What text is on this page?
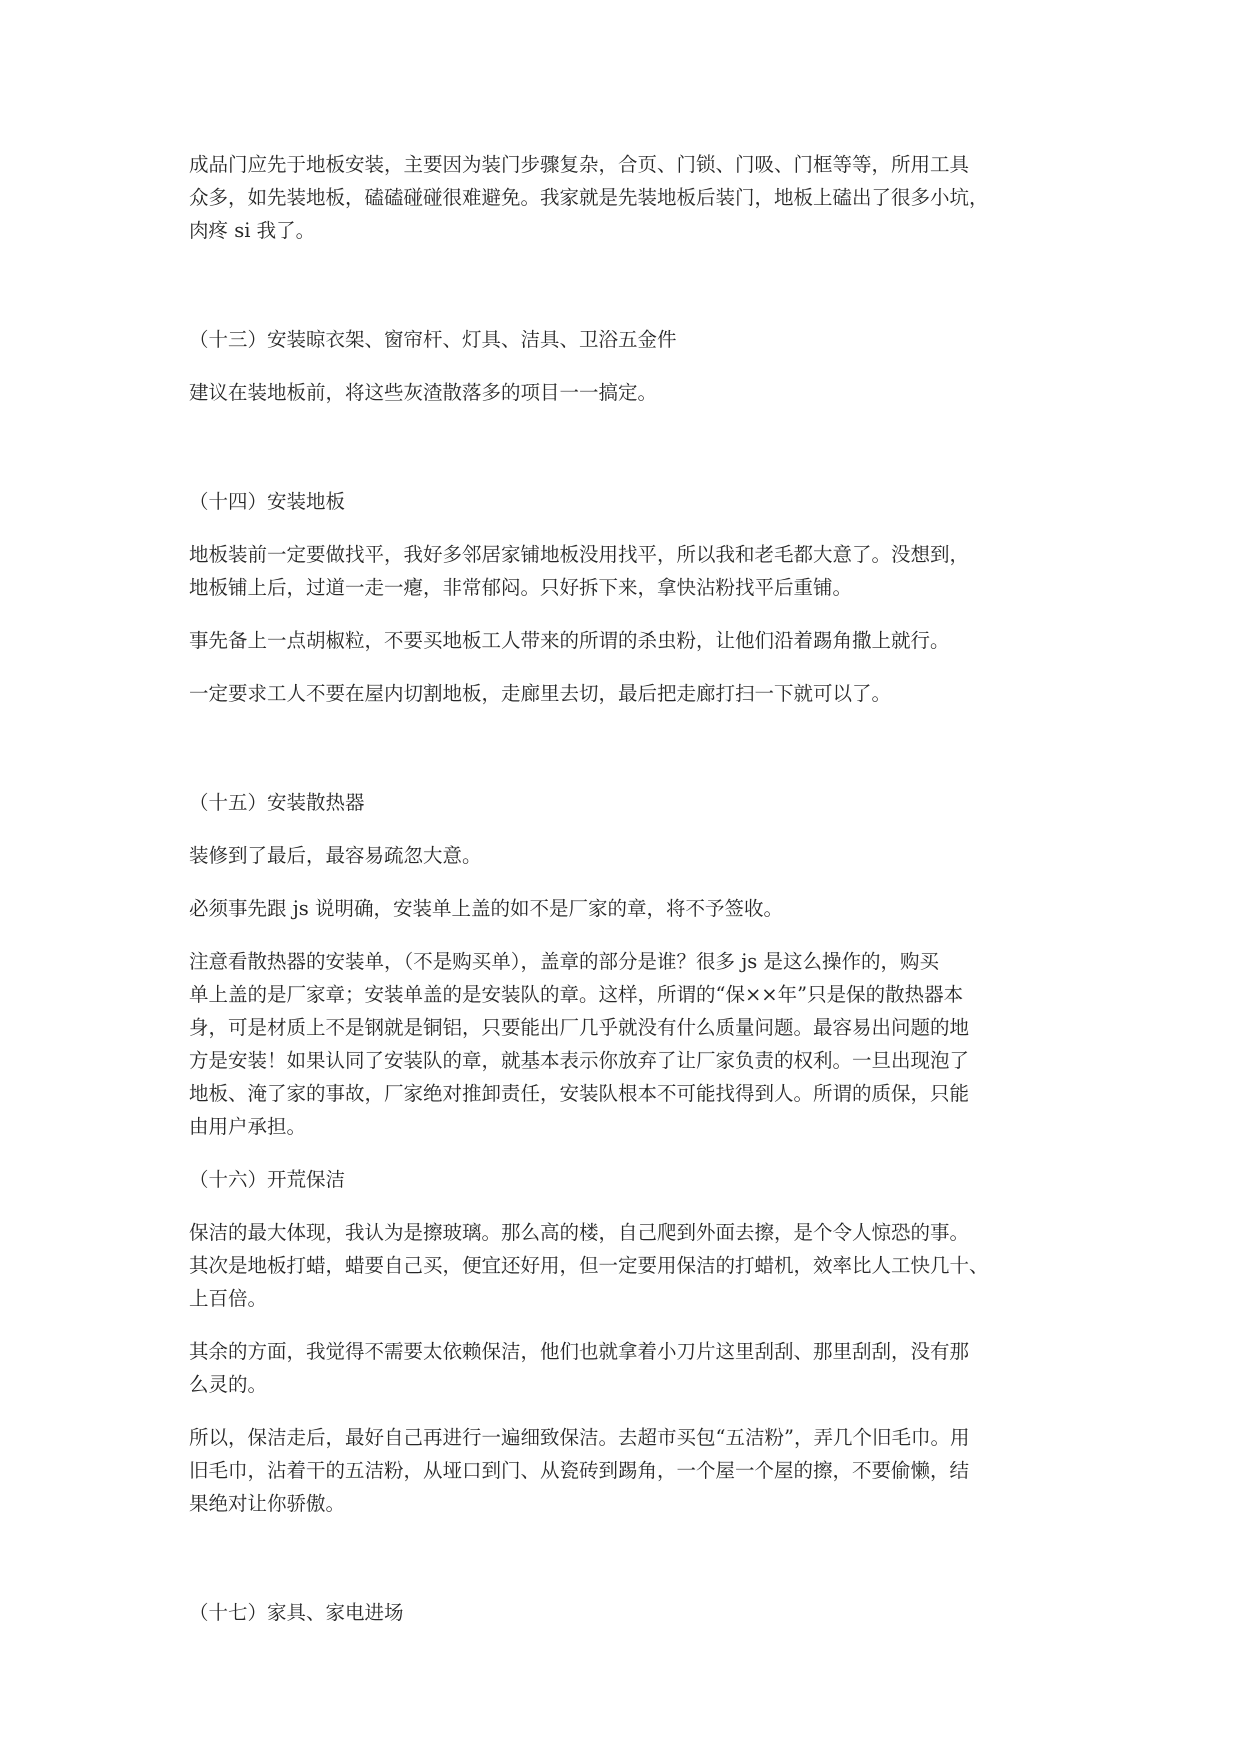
成品门应先于地板安装，主要因为装门步骤复杂，合页、门锁、门吸、门框等等，所用工具
众多，如先装地板，磕磕碰碰很难避免。我家就是先装地板后装门，地板上磕出了很多小坑，
肉疼 si 我了。

（十三）安装晾衣架、窗帘杆、灯具、洁具、卫浴五金件

建议在装地板前，将这些灰渣散落多的项目一一搞定。

（十四）安装地板

地板装前一定要做找平，我好多邻居家铺地板没用找平，所以我和老毛都大意了。没想到，
地板铺上后，过道一走一瘪，非常郁闷。只好拆下来，拿快沾粉找平后重铺。

事先备上一点胡椒粒，不要买地板工人带来的所谓的杀虫粉，让他们沿着踢角撒上就行。

一定要求工人不要在屋内切割地板，走廊里去切，最后把走廊打扫一下就可以了。

（十五）安装散热器

装修到了最后，最容易疏忽大意。

必须事先跟 js 说明确，安装单上盖的如不是厂家的章，将不予签收。

注意看散热器的安装单，（不是购买单），盖章的部分是谁？很多 js 是这么操作的，购买
单上盖的是厂家章；安装单盖的是安装队的章。这样，所谓的“保××年”只是保的散热器本
身，可是材质上不是钢就是铜铝，只要能出厂几乎就没有什么质量问题。最容易出问题的地
方是安装！如果认同了安装队的章，就基本表示你放弃了让厂家负责的权利。一旦出现泡了
地板、淹了家的事故，厂家绝对推卸责任，安装队根本不可能找得到人。所谓的质保，只能
由用户承担。

（十六）开荒保洁

保洁的最大体现，我认为是擦玻璃。那么高的楼，自己爬到外面去擦，是个令人惊恐的事。
其次是地板打蜡，蜡要自己买，便宜还好用，但一定要用保洁的打蜡机，效率比人工快几十、
上百倍。

其余的方面，我觉得不需要太依赖保洁，他们也就拿着小刀片这里刮刮、那里刮刮，没有那
么灵的。

所以，保洁走后，最好自己再进行一遍细致保洁。去超市买包“五洁粉”，弄几个旧毛巾。用
旧毛巾，沾着干的五洁粉，从垭口到门、从瓷砖到踢角，一个屋一个屋的擦，不要偷懒，结
果绝对让你骄傲。

（十七）家具、家电进场
